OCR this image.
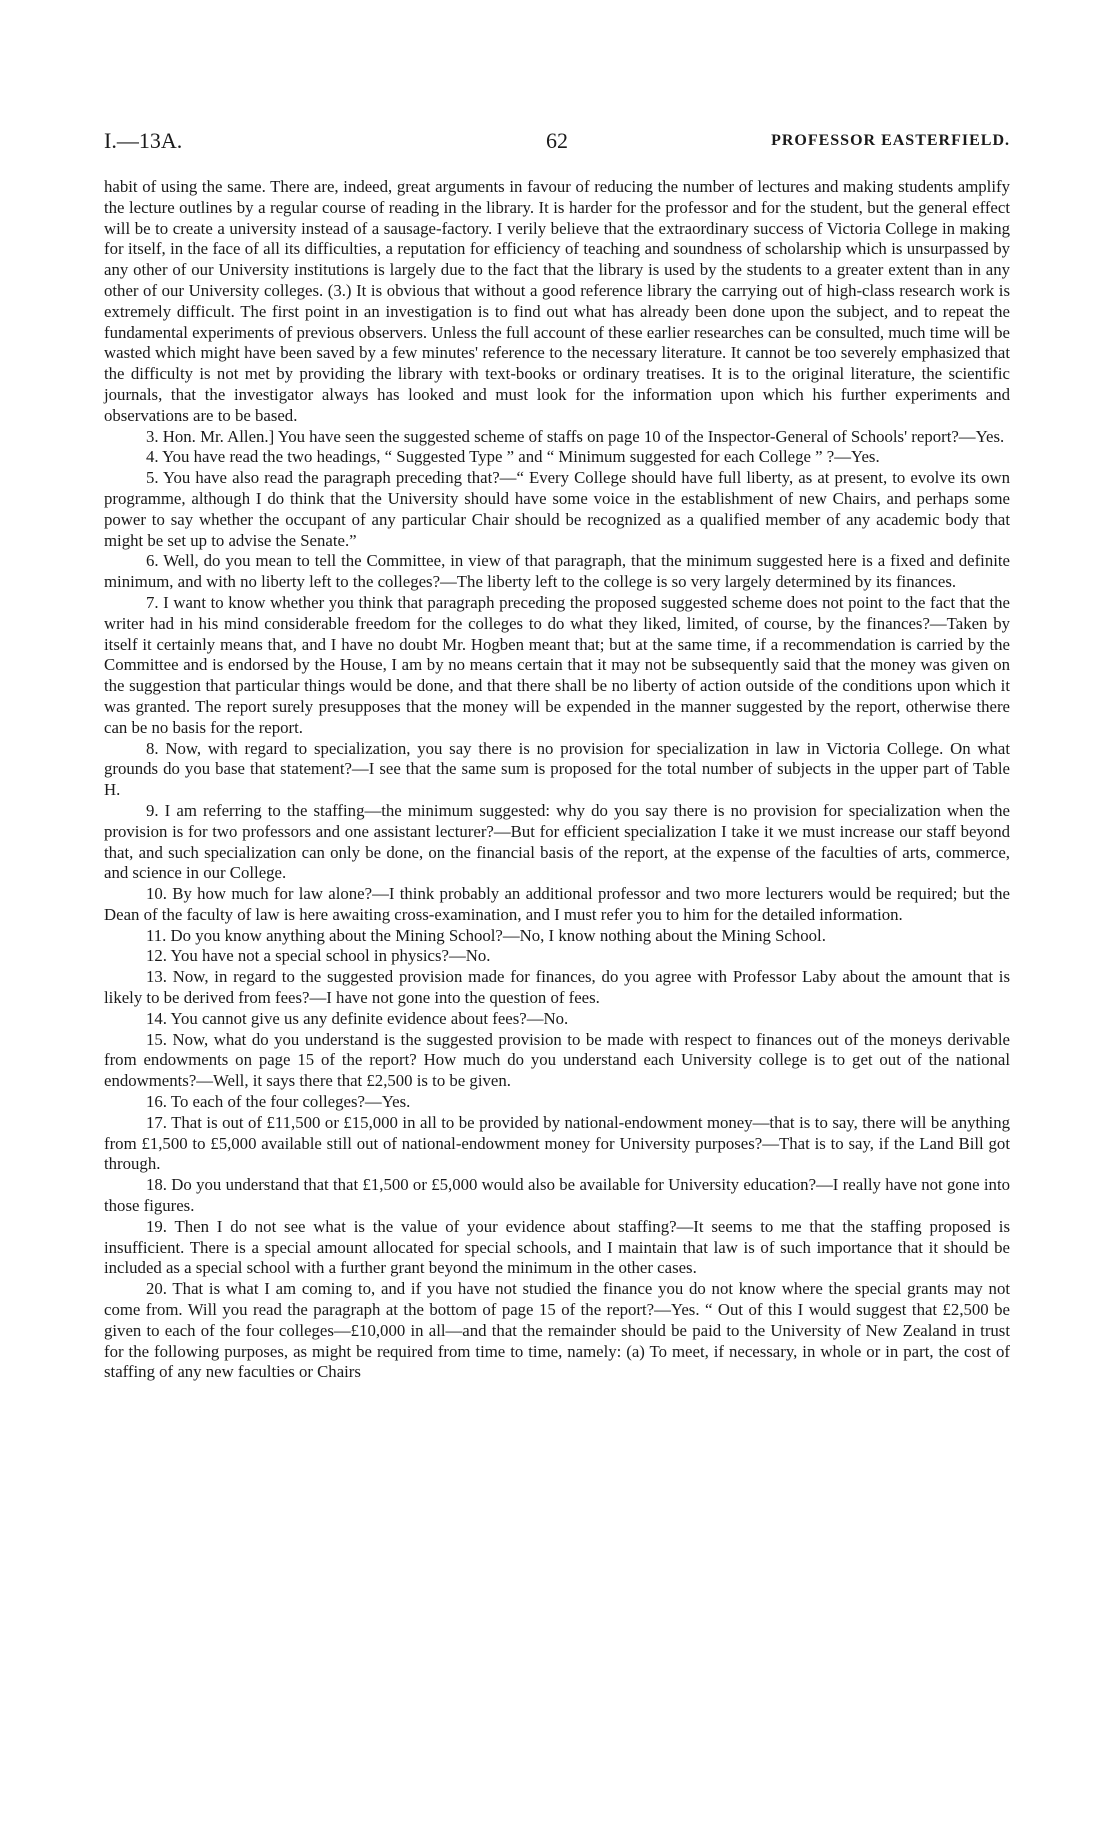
I.—13A.	62	PROFESSOR EASTERFIELD.

habit of using the same. There are, indeed, great arguments in favour of reducing the number of lectures and making students amplify the lecture outlines by a regular course of reading in the library. It is harder for the professor and for the student, but the general effect will be to create a university instead of a sausage-factory. I verily believe that the extraordinary success of Victoria College in making for itself, in the face of all its difficulties, a reputation for efficiency of teaching and soundness of scholarship which is unsurpassed by any other of our University institutions is largely due to the fact that the library is used by the students to a greater extent than in any other of our University colleges. (3.) It is obvious that without a good reference library the carrying out of high-class research work is extremely difficult. The first point in an investigation is to find out what has already been done upon the subject, and to repeat the fundamental experiments of previous observers. Unless the full account of these earlier researches can be consulted, much time will be wasted which might have been saved by a few minutes' reference to the necessary literature. It cannot be too severely emphasized that the difficulty is not met by providing the library with text-books or ordinary treatises. It is to the original literature, the scientific journals, that the investigator always has looked and must look for the information upon which his further experiments and observations are to be based.

3. Hon. Mr. Allen.] You have seen the suggested scheme of staffs on page 10 of the Inspector-General of Schools' report?—Yes.

4. You have read the two headings, “ Suggested Type ” and “ Minimum suggested for each College ” ?—Yes.

5. You have also read the paragraph preceding that?—“ Every College should have full liberty, as at present, to evolve its own programme, although I do think that the University should have some voice in the establishment of new Chairs, and perhaps some power to say whether the occupant of any particular Chair should be recognized as a qualified member of any academic body that might be set up to advise the Senate.”

6. Well, do you mean to tell the Committee, in view of that paragraph, that the minimum suggested here is a fixed and definite minimum, and with no liberty left to the colleges?—The liberty left to the college is so very largely determined by its finances.

7. I want to know whether you think that paragraph preceding the proposed suggested scheme does not point to the fact that the writer had in his mind considerable freedom for the colleges to do what they liked, limited, of course, by the finances?—Taken by itself it certainly means that, and I have no doubt Mr. Hogben meant that; but at the same time, if a recommendation is carried by the Committee and is endorsed by the House, I am by no means certain that it may not be subsequently said that the money was given on the suggestion that particular things would be done, and that there shall be no liberty of action outside of the conditions upon which it was granted. The report surely presupposes that the money will be expended in the manner suggested by the report, otherwise there can be no basis for the report.

8. Now, with regard to specialization, you say there is no provision for specialization in law in Victoria College. On what grounds do you base that statement?—I see that the same sum is proposed for the total number of subjects in the upper part of Table H.

9. I am referring to the staffing—the minimum suggested: why do you say there is no provision for specialization when the provision is for two professors and one assistant lecturer?—But for efficient specialization I take it we must increase our staff beyond that, and such specialization can only be done, on the financial basis of the report, at the expense of the faculties of arts, commerce, and science in our College.

10. By how much for law alone?—I think probably an additional professor and two more lecturers would be required; but the Dean of the faculty of law is here awaiting cross-examination, and I must refer you to him for the detailed information.

11. Do you know anything about the Mining School?—No, I know nothing about the Mining School.

12. You have not a special school in physics?—No.

13. Now, in regard to the suggested provision made for finances, do you agree with Professor Laby about the amount that is likely to be derived from fees?—I have not gone into the question of fees.

14. You cannot give us any definite evidence about fees?—No.

15. Now, what do you understand is the suggested provision to be made with respect to finances out of the moneys derivable from endowments on page 15 of the report? How much do you understand each University college is to get out of the national endowments?—Well, it says there that £2,500 is to be given.

16. To each of the four colleges?—Yes.

17. That is out of £11,500 or £15,000 in all to be provided by national-endowment money—that is to say, there will be anything from £1,500 to £5,000 available still out of national-endowment money for University purposes?—That is to say, if the Land Bill got through.

18. Do you understand that that £1,500 or £5,000 would also be available for University education?—I really have not gone into those figures.

19. Then I do not see what is the value of your evidence about staffing?—It seems to me that the staffing proposed is insufficient. There is a special amount allocated for special schools, and I maintain that law is of such importance that it should be included as a special school with a further grant beyond the minimum in the other cases.

20. That is what I am coming to, and if you have not studied the finance you do not know where the special grants may not come from. Will you read the paragraph at the bottom of page 15 of the report?—Yes. “ Out of this I would suggest that £2,500 be given to each of the four colleges—£10,000 in all—and that the remainder should be paid to the University of New Zealand in trust for the following purposes, as might be required from time to time, namely: (a) To meet, if necessary, in whole or in part, the cost of staffing of any new faculties or Chairs
